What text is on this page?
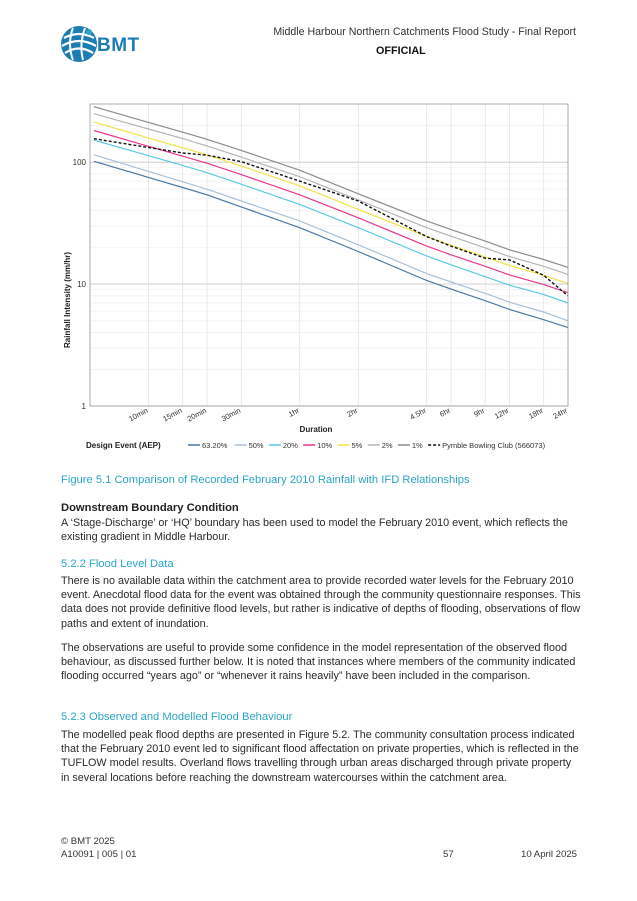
BMT
Middle Harbour Northern Catchments Flood Study - Final Report
OFFICIAL
1
10
100
10min 15min 20min 30min	1hr	2hr	4.5hr 6hr	9hr 12hr 18hr 24hr
Rainfall Intensity (mm/hr)
Duration
Design Event (AEP)	63.20%	50%	20%	10%	5%	2%	1%	Pymble Bowling Club (566073)
Figure 5.1 Comparison of Recorded February 2010 Rainfall with IFD Relationships
Downstream Boundary Condition

A ‘Stage-Discharge’ or ‘HQ’ boundary has been used to model the February 2010 event, which reflects the existing gradient in Middle Harbour.

5.2.2 Flood Level Data

There is no available data within the catchment area to provide recorded water levels for the February 2010 event. Anecdotal flood data for the event was obtained through the community questionnaire responses. This data does not provide definitive flood levels, but rather is indicative of depths of flooding, observations of flow paths and extent of inundation.

The observations are useful to provide some confidence in the model representation of the observed flood behaviour, as discussed further below. It is noted that instances where members of the community indicated flooding occurred “years ago” or “whenever it rains heavily” have been included in the comparison.

5.2.3 Observed and Modelled Flood Behaviour

The modelled peak flood depths are presented in Figure 5.2. The community consultation process indicated that the February 2010 event led to significant flood affectation on private properties, which is reflected in the TUFLOW model results. Overland flows travelling through urban areas discharged through private property in several locations before reaching the downstream watercourses within the catchment area.

© BMT 2025
A10091 | 005 | 01	57	10 April 2025
